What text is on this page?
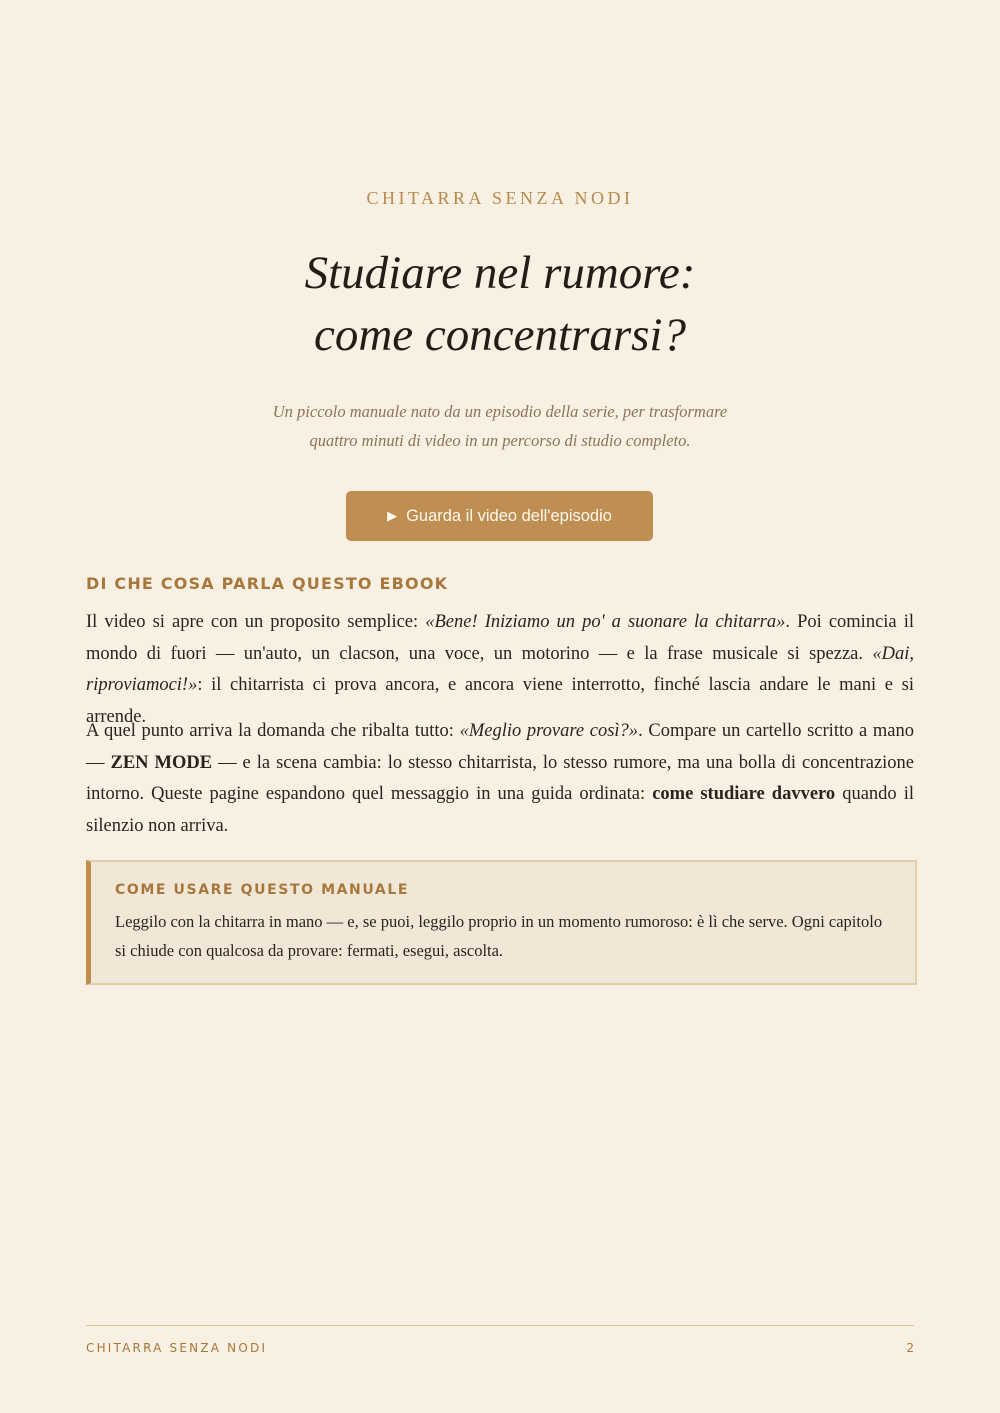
CHITARRA SENZA NODI
Studiare nel rumore:
come concentrarsi?
Un piccolo manuale nato da un episodio della serie, per trasformare
quattro minuti di video in un percorso di studio completo.
▶ Guarda il video dell'episodio
DI CHE COSA PARLA QUESTO EBOOK

Il video si apre con un proposito semplice: «Bene! Iniziamo un po' a suonare la chitarra». Poi comincia il mondo di fuori — un'auto, un clacson, una voce, un motorino — e la frase musicale si spezza. «Dai, riproviamoci!»: il chitarrista ci prova ancora, e ancora viene interrotto, finché lascia andare le mani e si arrende.

A quel punto arriva la domanda che ribalta tutto: «Meglio provare così?». Compare un cartello scritto a mano — ZEN MODE — e la scena cambia: lo stesso chitarrista, lo stesso rumore, ma una bolla di concentrazione intorno. Queste pagine espandono quel messaggio in una guida ordinata: come studiare davvero quando il silenzio non arriva.

COME USARE QUESTO MANUALE
Leggilo con la chitarra in mano — e, se puoi, leggilo proprio in un momento rumoroso: è lì che serve. Ogni capitolo si chiude con qualcosa da provare: fermati, esegui, ascolta.
CHITARRA SENZA NODI	2
